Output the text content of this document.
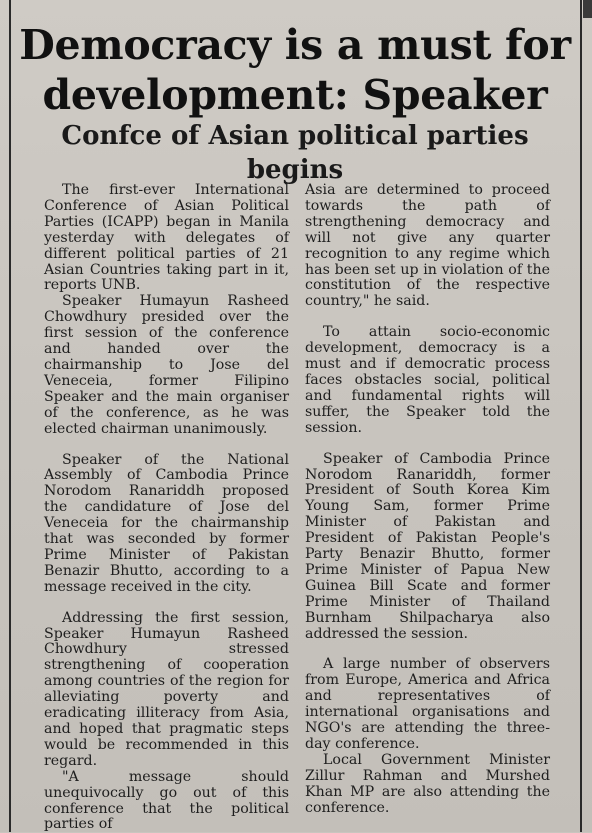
Democracy is a must for
development: Speaker
Confce of Asian political parties begins

The first-ever International Conference of Asian Political Parties (ICAPP) began in Manila yesterday with delegates of different political parties of 21 Asian Countries taking part in it, reports UNB.

Speaker Humayun Rasheed Chowdhury presided over the first session of the conference and handed over the chairmanship to Jose del Veneceia, former Filipino Speaker and the main organiser of the conference, as he was elected chairman unanimously.

Speaker of the National Assembly of Cambodia Prince Norodom Ranariddh proposed the candidature of Jose del Veneceia for the chairmanship that was seconded by former Prime Minister of Pakistan Benazir Bhutto, according to a message received in the city.

Addressing the first session, Speaker Humayun Rasheed Chowdhury stressed strengthening of cooperation among countries of the region for alleviating poverty and eradicating illiteracy from Asia, and hoped that pragmatic steps would be recommended in this regard.

"A message should unequivocally go out of this conference that the political parties of

Asia are determined to proceed towards the path of strengthening democracy and will not give any quarter recognition to any regime which has been set up in violation of the constitution of the respective country," he said.

To attain socio-economic development, democracy is a must and if democratic process faces obstacles social, political and fundamental rights will suffer, the Speaker told the session.

Speaker of Cambodia Prince Norodom Ranariddh, former President of South Korea Kim Young Sam, former Prime Minister of Pakistan and President of Pakistan People's Party Benazir Bhutto, former Prime Minister of Papua New Guinea Bill Scate and former Prime Minister of Thailand Burnham Shilpacharya also addressed the session.

A large number of observers from Europe, America and Africa and representatives of international organisations and NGO's are attending the three-day conference.

Local Government Minister Zillur Rahman and Murshed Khan MP are also attending the conference.
